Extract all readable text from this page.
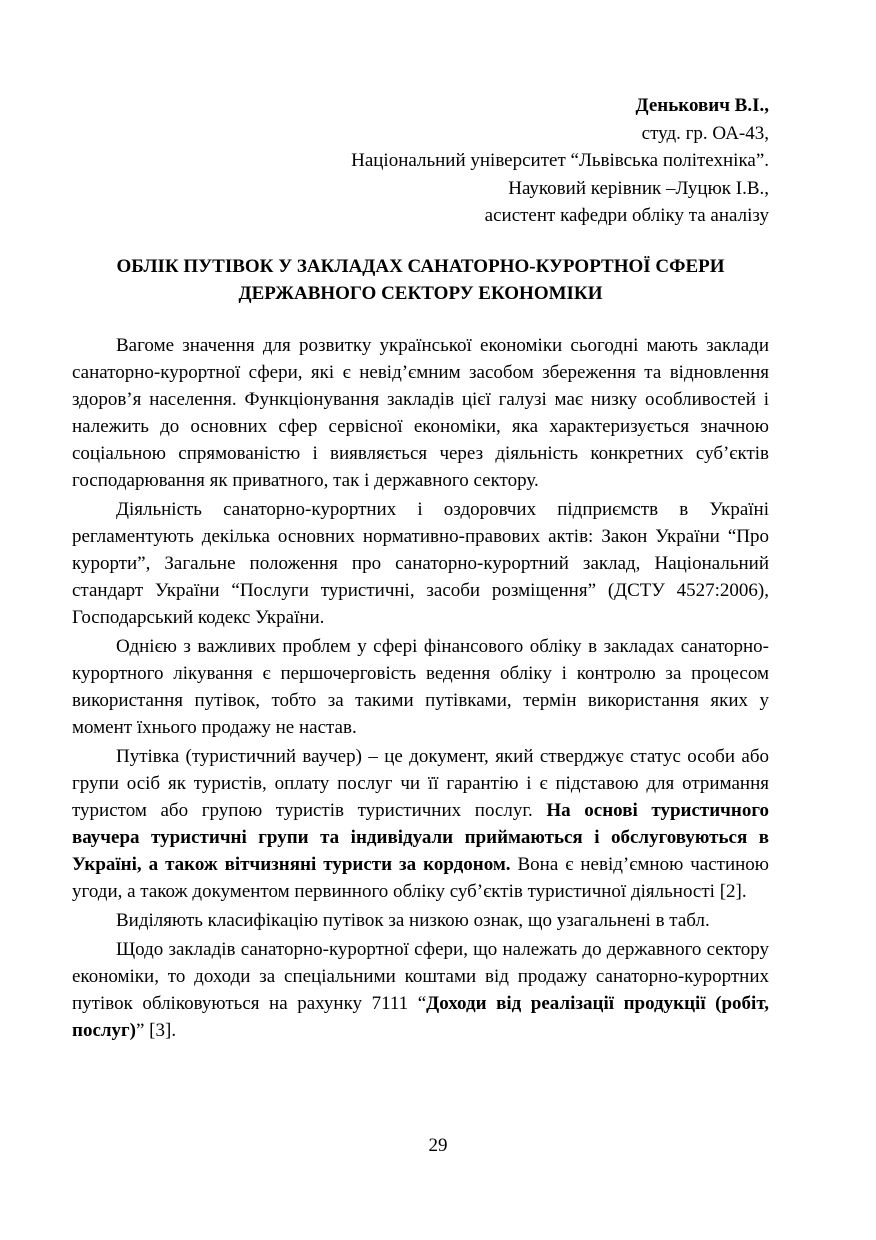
Денькович В.І.,
студ. гр. ОА-43,
Національний університет “Львівська політехніка”.
Науковий керівник –Луцюк І.В.,
асистент кафедри обліку та аналізу
ОБЛІК ПУТІВОК У ЗАКЛАДАХ САНАТОРНО-КУРОРТНОЇ СФЕРИ
ДЕРЖАВНОГО СЕКТОРУ ЕКОНОМІКИ

Вагоме значення для розвитку української економіки сьогодні мають заклади санаторно-курортної сфери, які є невід’ємним засобом збереження та відновлення здоров’я населення. Функціонування закладів цієї галузі має низку особливостей і належить до основних сфер сервісної економіки, яка характеризується значною соціальною спрямованістю і виявляється через діяльність конкретних суб’єктів господарювання як приватного, так і державного сектору.

Діяльність санаторно-курортних і оздоровчих підприємств в Україні регламентують декілька основних нормативно-правових актів: Закон України “Про курорти”, Загальне положення про санаторно-курортний заклад, Національний стандарт України “Послуги туристичні, засоби розміщення” (ДСТУ 4527:2006), Господарський кодекс України.

Однією з важливих проблем у сфері фінансового обліку в закладах санаторно-курортного лікування є першочерговість ведення обліку і контролю за процесом використання путівок, тобто за такими путівками, термін використання яких у момент їхнього продажу не настав.

Путівка (туристичний ваучер) – це документ, який стверджує статус особи або групи осіб як туристів, оплату послуг чи її гарантію і є підставою для отримання туристом або групою туристів туристичних послуг. На основі туристичного ваучера туристичні групи та індивідуали приймаються і обслуговуються в Україні, а також вітчизняні туристи за кордоном. Вона є невід’ємною частиною угоди, а також документом первинного обліку суб’єктів туристичної діяльності [2].

Виділяють класифікацію путівок за низкою ознак, що узагальнені в табл.

Щодо закладів санаторно-курортної сфери, що належать до державного сектору економіки, то доходи за спеціальними коштами від продажу санаторно-курортних путівок обліковуються на рахунку 7111 “Доходи від реалізації продукції (робіт, послуг)” [3].

29
